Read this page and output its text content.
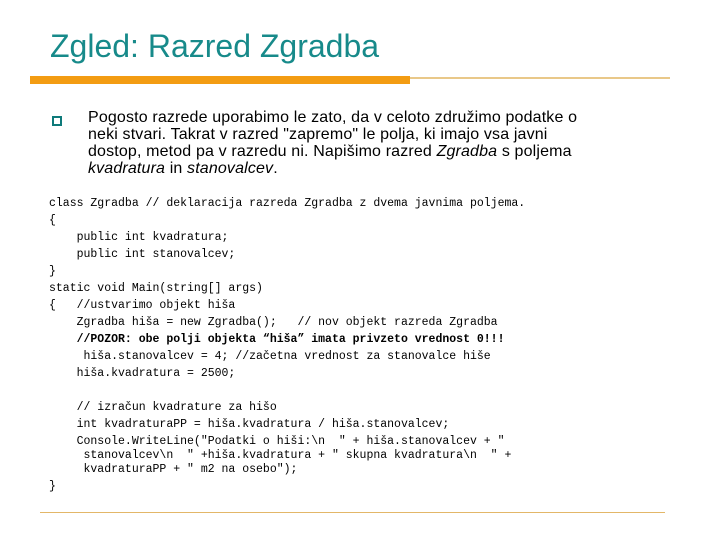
Zgled: Razred Zgradba
Pogosto razrede uporabimo le zato, da v celoto združimo podatke o
neki stvari. Takrat v razred "zapremo" le polja, ki imajo vsa javni
dostop, metod pa v razredu ni. Napišimo razred Zgradba s poljema
kvadratura in stanovalcev.
class Zgradba // deklaracija razreda Zgradba z dvema javnima poljema.
{
public int kvadratura;
public int stanovalcev;
}
static void Main(string[] args)
{   //ustvarimo objekt hiša
Zgradba hiša = new Zgradba();   // nov objekt razreda Zgradba
//POZOR: obe polji objekta “hiša” imata privzeto vrednost 0!!!
hiša.stanovalcev = 4; //začetna vrednost za stanovalce hiše
hiša.kvadratura = 2500;
// izračun kvadrature za hišo
int kvadraturaPP = hiša.kvadratura / hiša.stanovalcev;
Console.WriteLine("Podatki o hiši:\n  " + hiša.stanovalcev + "
stanovalcev\n  " +hiša.kvadratura + " skupna kvadratura\n  " +
kvadraturaPP + " m2 na osebo");
}
